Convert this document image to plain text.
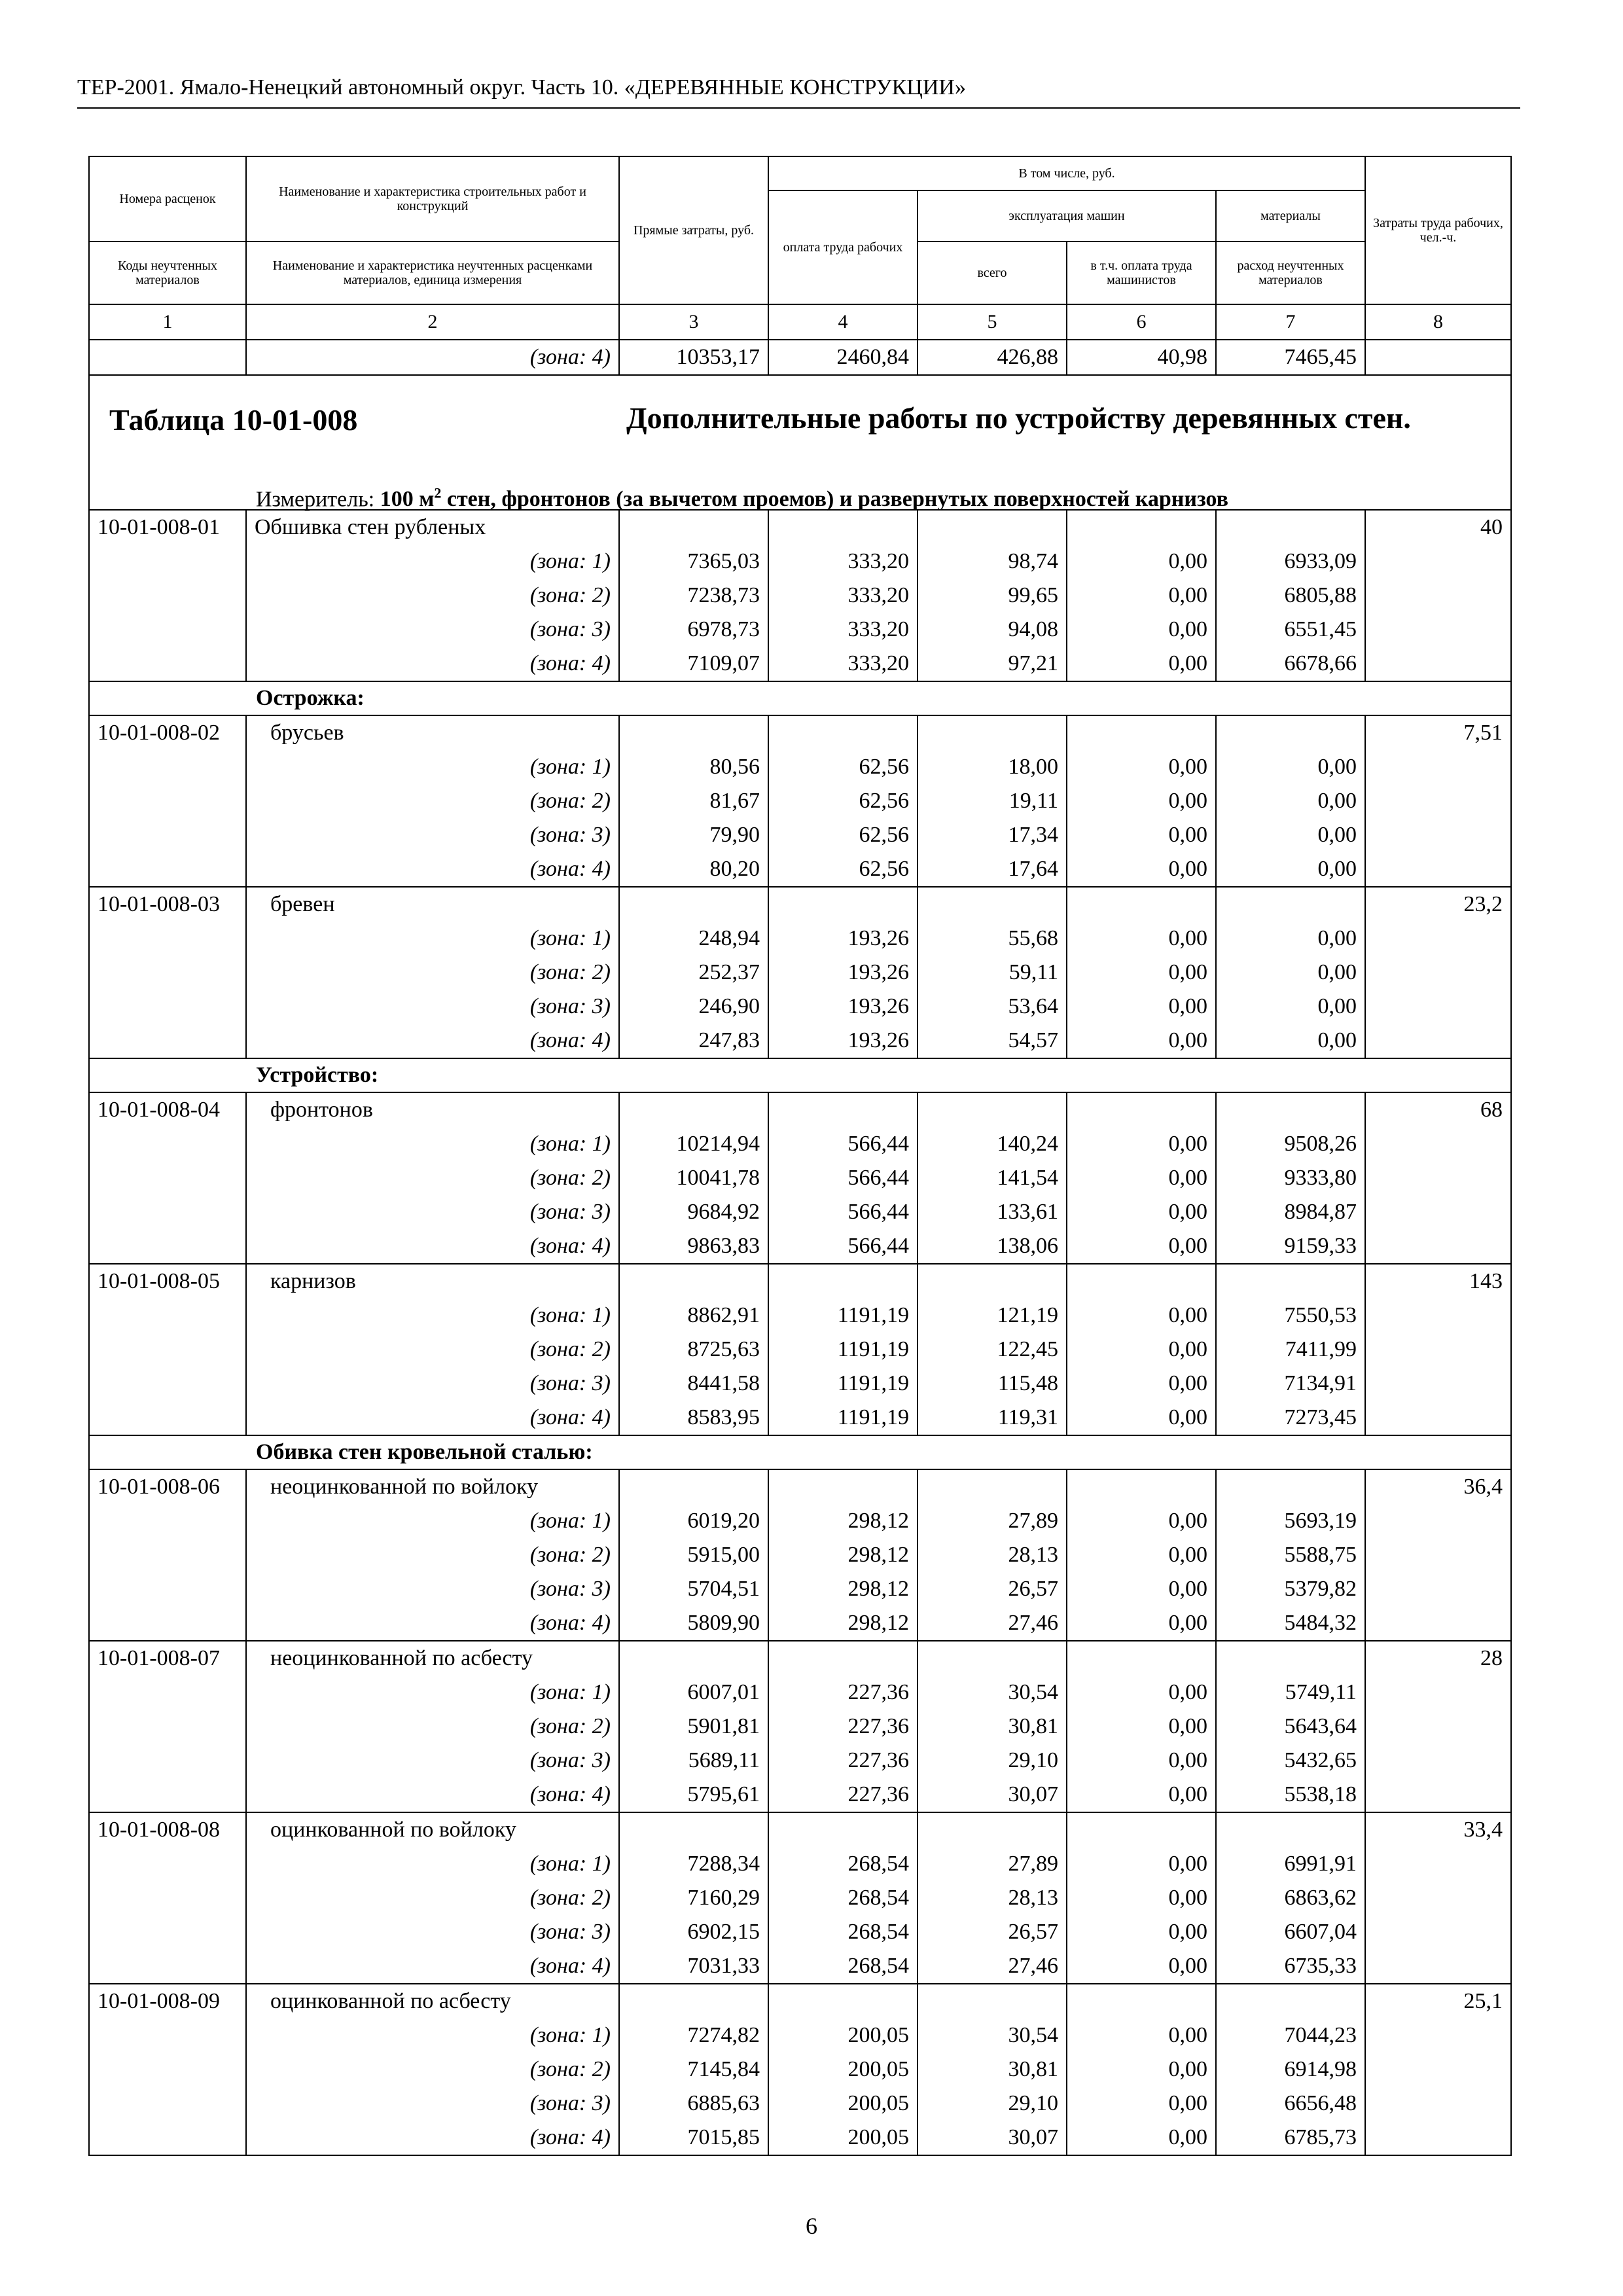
ТЕР-2001. Ямало-Ненецкий автономный округ. Часть 10. «ДЕРЕВЯННЫЕ КОНСТРУКЦИИ»
Номера расценок	Наименование и характеристика строительных работ и конструкций	Прямые затраты, руб.	В том числе, руб.				Затраты труда рабочих, чел.-ч.
			оплата труда рабочих	эксплуатация машин		материалы	
Коды неучтенных материалов	Наименование и характеристика неучтенных расценками материалов, единица измерения			всего	в т.ч. оплата труда машинистов	расход неучтенных материалов	
1	2	3	4	5	6	7	8
	(зона: 4)	10353,17	2460,84	426,88	40,98	7465,45	

Таблица 10-01-008 Дополнительные работы по устройству деревянных стен.
Измеритель: 100 $м^2$ стен, фронтонов (за вычетом проемов) и развернутых поверхностей карнизов							

10-01-008-01	Обшивка стен рубленых						40
	(зона: 1)	7365,03	333,20	98,74	0,00	6933,09	
	(зона: 2)	7238,73	333,20	99,65	0,00	6805,88	
	(зона: 3)	6978,73	333,20	94,08	0,00	6551,45	
	(зона: 4)	7109,07	333,20	97,21	0,00	6678,66	
Острожка:							
10-01-008-02	брусьев						7,51
	(зона: 1)	80,56	62,56	18,00	0,00	0,00	
	(зона: 2)	81,67	62,56	19,11	0,00	0,00	
	(зона: 3)	79,90	62,56	17,34	0,00	0,00	
	(зона: 4)	80,20	62,56	17,64	0,00	0,00	
10-01-008-03	бревен						23,2
	(зона: 1)	248,94	193,26	55,68	0,00	0,00	
	(зона: 2)	252,37	193,26	59,11	0,00	0,00	
	(зона: 3)	246,90	193,26	53,64	0,00	0,00	
	(зона: 4)	247,83	193,26	54,57	0,00	0,00	
Устройство:							
10-01-008-04	фронтонов						68
	(зона: 1)	10214,94	566,44	140,24	0,00	9508,26	
	(зона: 2)	10041,78	566,44	141,54	0,00	9333,80	
	(зона: 3)	9684,92	566,44	133,61	0,00	8984,87	
	(зона: 4)	9863,83	566,44	138,06	0,00	9159,33	
10-01-008-05	карнизов						143
	(зона: 1)	8862,91	1191,19	121,19	0,00	7550,53	
	(зона: 2)	8725,63	1191,19	122,45	0,00	7411,99	
	(зона: 3)	8441,58	1191,19	115,48	0,00	7134,91	
	(зона: 4)	8583,95	1191,19	119,31	0,00	7273,45	
Обивка стен кровельной сталью:							
10-01-008-06	неоцинкованной по войлоку						36,4
	(зона: 1)	6019,20	298,12	27,89	0,00	5693,19	
	(зона: 2)	5915,00	298,12	28,13	0,00	5588,75	
	(зона: 3)	5704,51	298,12	26,57	0,00	5379,82	
	(зона: 4)	5809,90	298,12	27,46	0,00	5484,32	
10-01-008-07	неоцинкованной по асбесту						28
	(зона: 1)	6007,01	227,36	30,54	0,00	5749,11	
	(зона: 2)	5901,81	227,36	30,81	0,00	5643,64	
	(зона: 3)	5689,11	227,36	29,10	0,00	5432,65	
	(зона: 4)	5795,61	227,36	30,07	0,00	5538,18	
10-01-008-08	оцинкованной по войлоку						33,4
	(зона: 1)	7288,34	268,54	27,89	0,00	6991,91	
	(зона: 2)	7160,29	268,54	28,13	0,00	6863,62	
	(зона: 3)	6902,15	268,54	26,57	0,00	6607,04	
	(зона: 4)	7031,33	268,54	27,46	0,00	6735,33	
10-01-008-09	оцинкованной по асбесту						25,1
	(зона: 1)	7274,82	200,05	30,54	0,00	7044,23	
	(зона: 2)	7145,84	200,05	30,81	0,00	6914,98	
	(зона: 3)	6885,63	200,05	29,10	0,00	6656,48	
	(зона: 4)	7015,85	200,05	30,07	0,00	6785,73	
6
